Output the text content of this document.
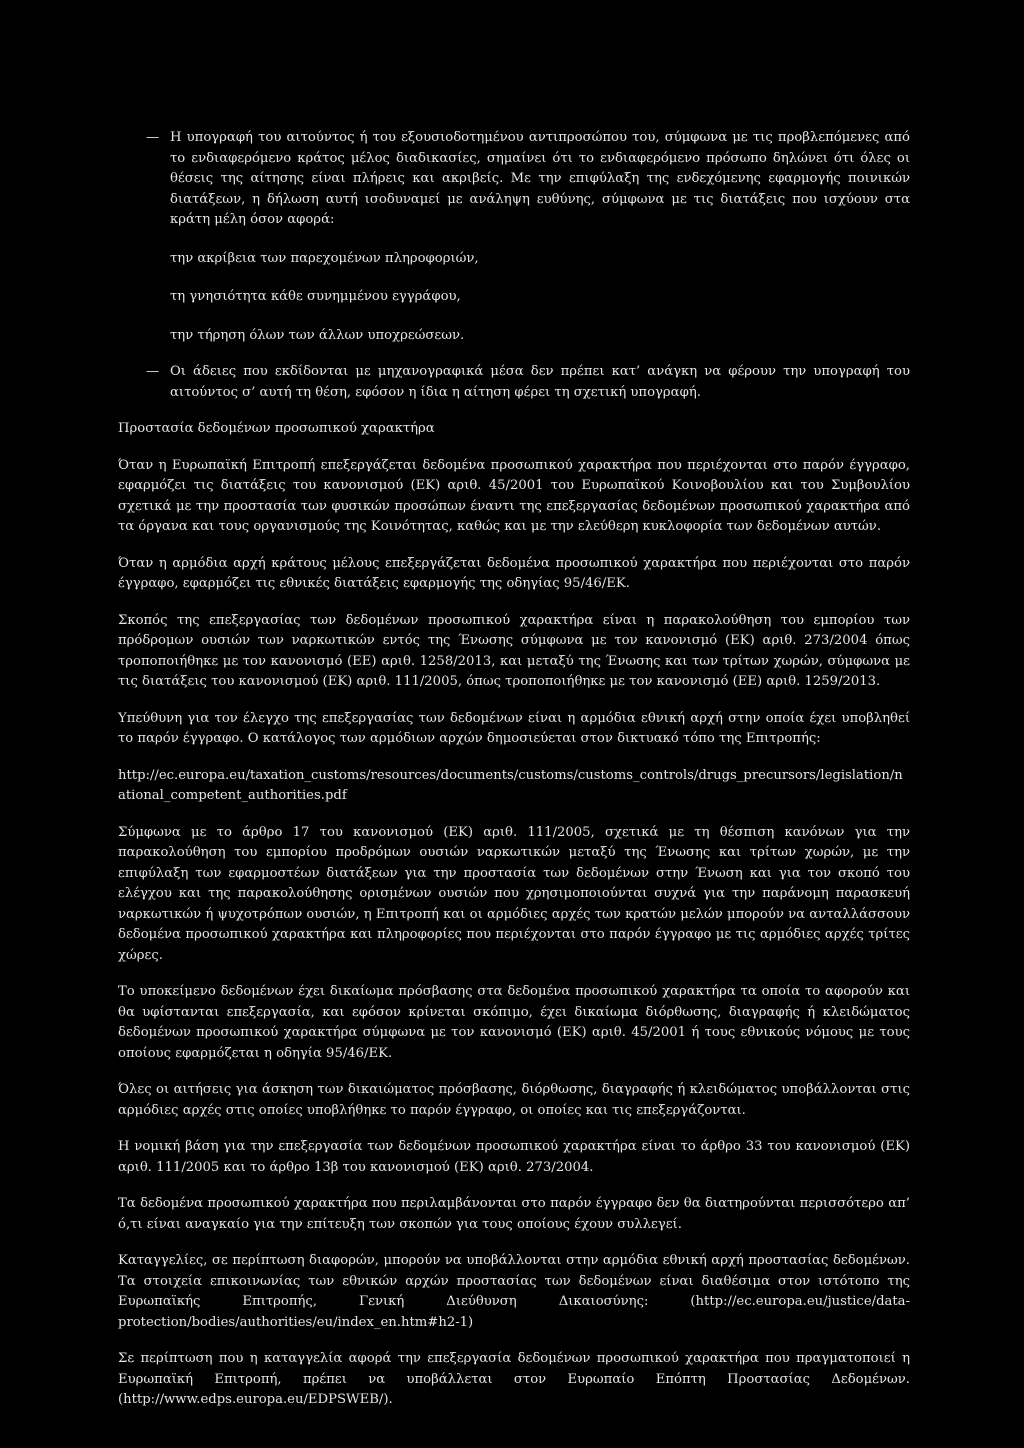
— Η υπογραφή του αιτούντος ή του εξουσιοδοτημένου αντιπροσώπου του, σύμφωνα με τις προβλεπόμενες από το ενδιαφερόμενο κράτος μέλος διαδικασίες, σημαίνει ότι το ενδιαφερόμενο πρόσωπο δηλώνει ότι όλες οι θέσεις της αίτησης είναι πλήρεις και ακριβείς. Με την επιφύλαξη της ενδεχόμενης εφαρμογής ποινικών διατάξεων, η δήλωση αυτή ισοδυναμεί με ανάληψη ευθύνης, σύμφωνα με τις διατάξεις που ισχύουν στα κράτη μέλη όσον αφορά:

την ακρίβεια των παρεχομένων πληροφοριών,
τη γνησιότητα κάθε συνημμένου εγγράφου,
την τήρηση όλων των άλλων υποχρεώσεων.
— Οι άδειες που εκδίδονται με μηχανογραφικά μέσα δεν πρέπει κατ’ ανάγκη να φέρουν την υπογραφή του αιτούντος σ’ αυτή τη θέση, εφόσον η ίδια η αίτηση φέρει τη σχετική υπογραφή.

Προστασία δεδομένων προσωπικού χαρακτήρα

Όταν η Ευρωπαϊκή Επιτροπή επεξεργάζεται δεδομένα προσωπικού χαρακτήρα που περιέχονται στο παρόν έγγραφο, εφαρμόζει τις διατάξεις του κανονισμού (ΕΚ) αριθ. 45/2001 του Ευρωπαϊκού Κοινοβουλίου και του Συμβουλίου σχετικά με την προστασία των φυσικών προσώπων έναντι της επεξεργασίας δεδομένων προσωπικού χαρακτήρα από τα όργανα και τους οργανισμούς της Κοινότητας, καθώς και με την ελεύθερη κυκλοφορία των δεδομένων αυτών.

Όταν η αρμόδια αρχή κράτους μέλους επεξεργάζεται δεδομένα προσωπικού χαρακτήρα που περιέχονται στο παρόν έγγραφο, εφαρμόζει τις εθνικές διατάξεις εφαρμογής της οδηγίας 95/46/ΕΚ.

Σκοπός της επεξεργασίας των δεδομένων προσωπικού χαρακτήρα είναι η παρακολούθηση του εμπορίου των πρόδρομων ουσιών των ναρκωτικών εντός της Ένωσης σύμφωνα με τον κανονισμό (ΕΚ) αριθ. 273/2004 όπως τροποποιήθηκε με τον κανονισμό (ΕΕ) αριθ. 1258/2013, και μεταξύ της Ένωσης και των τρίτων χωρών, σύμφωνα με τις διατάξεις του κανονισμού (ΕΚ) αριθ. 111/2005, όπως τροποποιήθηκε με τον κανονισμό (ΕΕ) αριθ. 1259/2013.

Υπεύθυνη για τον έλεγχο της επεξεργασίας των δεδομένων είναι η αρμόδια εθνική αρχή στην οποία έχει υποβληθεί το παρόν έγγραφο. Ο κατάλογος των αρμόδιων αρχών δημοσιεύεται στον δικτυακό τόπο της Επιτροπής:

http://ec.europa.eu/taxation_customs/resources/documents/customs/customs_controls/drugs_precursors/legislation/national_competent_authorities.pdf

Σύμφωνα με το άρθρο 17 του κανονισμού (ΕΚ) αριθ. 111/2005, σχετικά με τη θέσπιση κανόνων για την παρακολούθηση του εμπορίου προδρόμων ουσιών ναρκωτικών μεταξύ της Ένωσης και τρίτων χωρών, με την επιφύλαξη των εφαρμοστέων διατάξεων για την προστασία των δεδομένων στην Ένωση και για τον σκοπό του ελέγχου και της παρακολούθησης ορισμένων ουσιών που χρησιμοποιούνται συχνά για την παράνομη παρασκευή ναρκωτικών ή ψυχοτρόπων ουσιών, η Επιτροπή και οι αρμόδιες αρχές των κρατών μελών μπορούν να ανταλλάσσουν δεδομένα προσωπικού χαρακτήρα και πληροφορίες που περιέχονται στο παρόν έγγραφο με τις αρμόδιες αρχές τρίτες χώρες.

Το υποκείμενο δεδομένων έχει δικαίωμα πρόσβασης στα δεδομένα προσωπικού χαρακτήρα τα οποία το αφορούν και θα υφίστανται επεξεργασία, και εφόσον κρίνεται σκόπιμο, έχει δικαίωμα διόρθωσης, διαγραφής ή κλειδώματος δεδομένων προσωπικού χαρακτήρα σύμφωνα με τον κανονισμό (ΕΚ) αριθ. 45/2001 ή τους εθνικούς νόμους με τους οποίους εφαρμόζεται η οδηγία 95/46/ΕΚ.

Όλες οι αιτήσεις για άσκηση των δικαιώματος πρόσβασης, διόρθωσης, διαγραφής ή κλειδώματος υποβάλλονται στις αρμόδιες αρχές στις οποίες υποβλήθηκε το παρόν έγγραφο, οι οποίες και τις επεξεργάζονται.

Η νομική βάση για την επεξεργασία των δεδομένων προσωπικού χαρακτήρα είναι το άρθρο 33 του κανονισμού (ΕΚ) αριθ. 111/2005 και το άρθρο 13β του κανονισμού (ΕΚ) αριθ. 273/2004.

Τα δεδομένα προσωπικού χαρακτήρα που περιλαμβάνονται στο παρόν έγγραφο δεν θα διατηρούνται περισσότερο απ’ ό,τι είναι αναγκαίο για την επίτευξη των σκοπών για τους οποίους έχουν συλλεγεί.

Καταγγελίες, σε περίπτωση διαφορών, μπορούν να υποβάλλονται στην αρμόδια εθνική αρχή προστασίας δεδομένων. Τα στοιχεία επικοινωνίας των εθνικών αρχών προστασίας των δεδομένων είναι διαθέσιμα στον ιστότοπο της Ευρωπαϊκής Επιτροπής, Γενική Διεύθυνση Δικαιοσύνης: (http://ec.europa.eu/justice/data-protection/bodies/authorities/eu/index_en.htm#h2-1)

Σε περίπτωση που η καταγγελία αφορά την επεξεργασία δεδομένων προσωπικού χαρακτήρα που πραγματοποιεί η Ευρωπαϊκή Επιτροπή, πρέπει να υποβάλλεται στον Ευρωπαίο Επόπτη Προστασίας Δεδομένων. (http://www.edps.europa.eu/EDPSWEB/).
